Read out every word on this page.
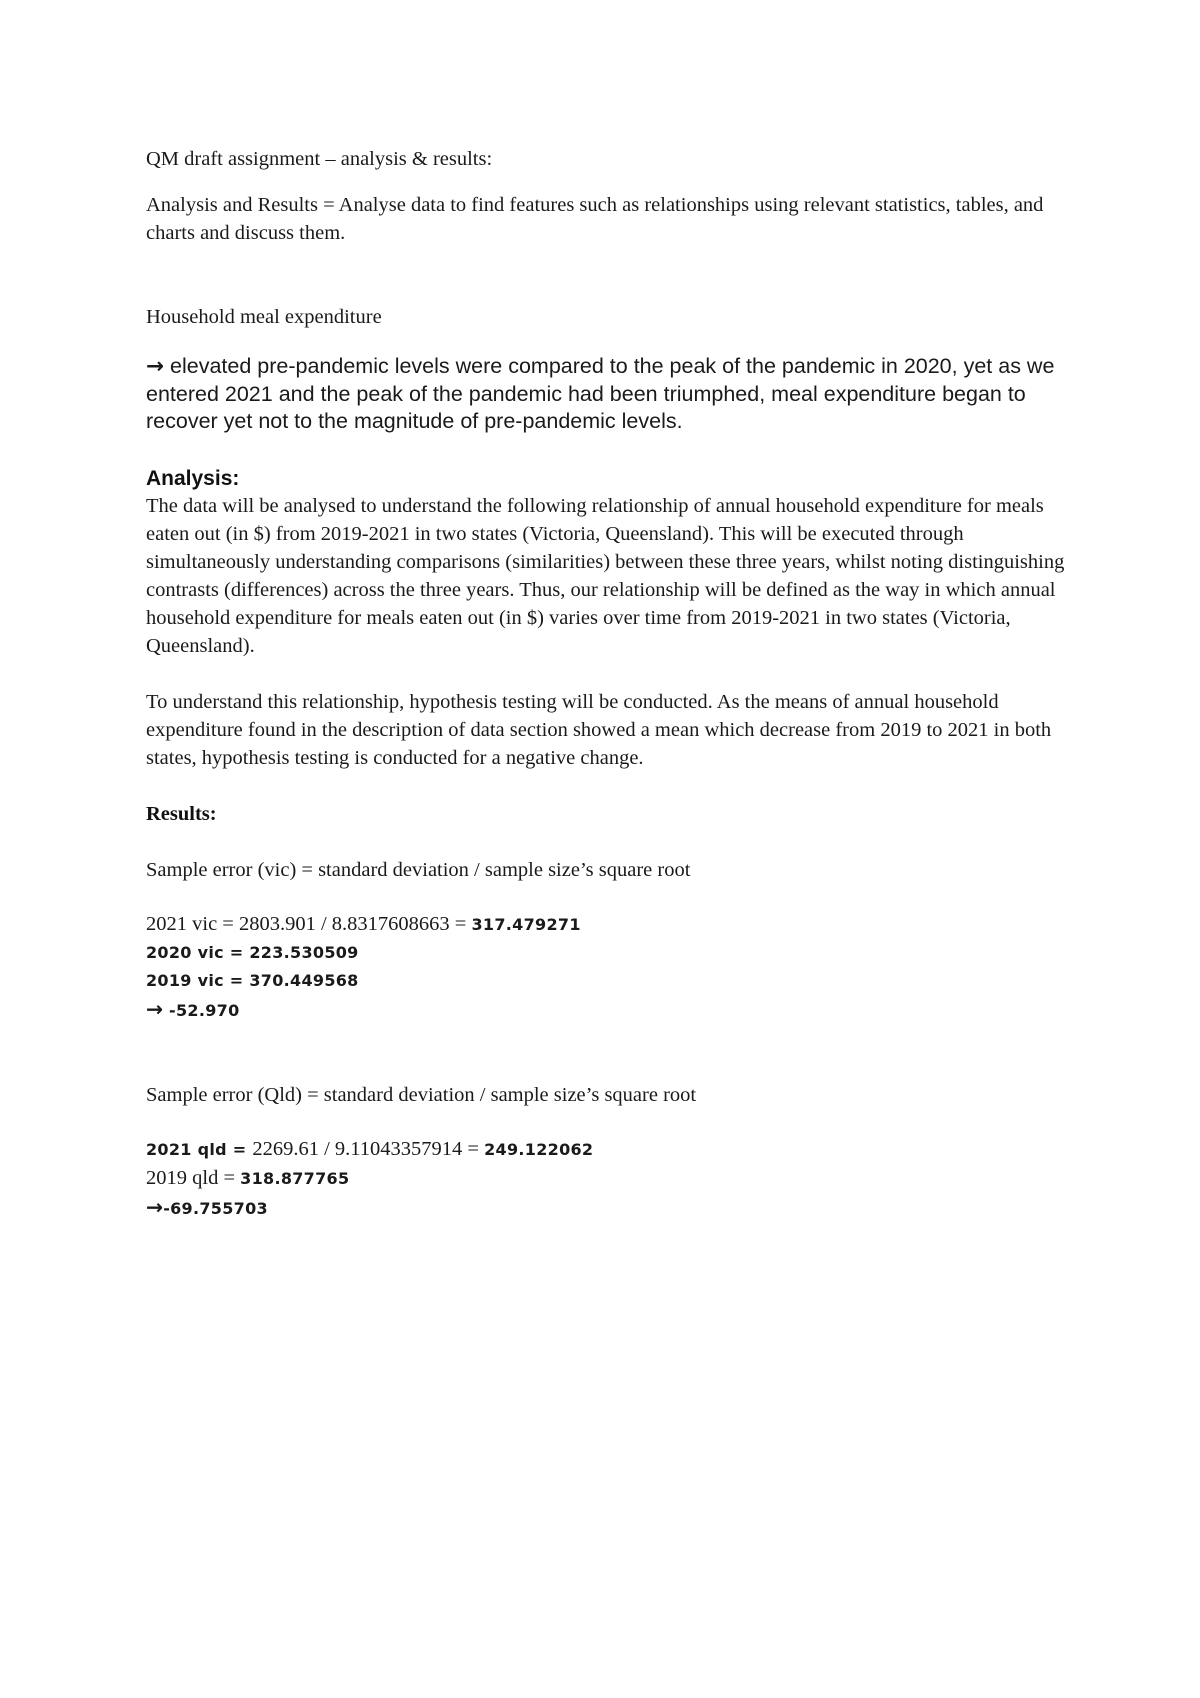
QM draft assignment – analysis & results:

Analysis and Results = Analyse data to find features such as relationships using relevant statistics, tables, and charts and discuss them.

Household meal expenditure

→ elevated pre-pandemic levels were compared to the peak of the pandemic in 2020, yet as we entered 2021 and the peak of the pandemic had been triumphed, meal expenditure began to recover yet not to the magnitude of pre-pandemic levels.

Analysis:

The data will be analysed to understand the following relationship of annual household expenditure for meals eaten out (in $) from 2019-2021 in two states (Victoria, Queensland). This will be executed through simultaneously understanding comparisons (similarities) between these three years, whilst noting distinguishing contrasts (differences) across the three years. Thus, our relationship will be defined as the way in which annual household expenditure for meals eaten out (in $) varies over time from 2019-2021 in two states (Victoria, Queensland).

To understand this relationship, hypothesis testing will be conducted. As the means of annual household expenditure found in the description of data section showed a mean which decrease from 2019 to 2021 in both states, hypothesis testing is conducted for a negative change.

Results:

Sample error (vic) = standard deviation / sample size’s square root

2021 vic = 2803.901 / 8.8317608663 = 317.479271

2020 vic = 223.530509

2019 vic = 370.449568

→ -52.970

Sample error (Qld) = standard deviation / sample size’s square root

2021 qld = 2269.61 / 9.11043357914 = 249.122062

2019 qld = 318.877765

→-69.755703
